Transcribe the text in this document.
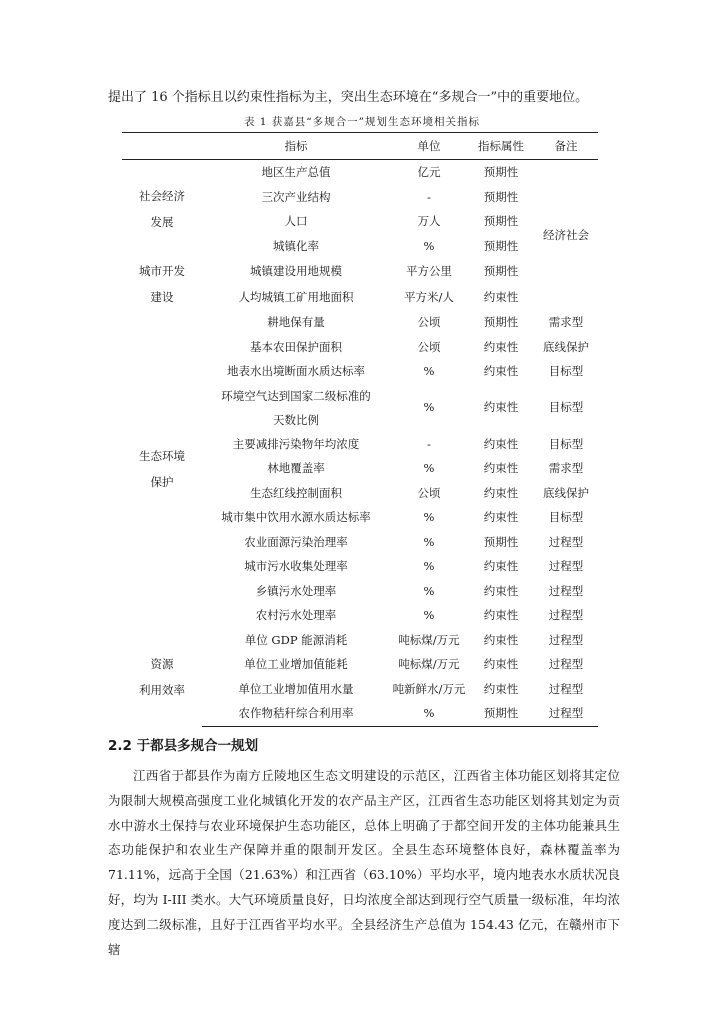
提出了 16 个指标且以约束性指标为主，突出生态环境在“多规合一”中的重要地位。
表 1 获嘉县“多规合一”规划生态环境相关指标
	指标	单位	指标属性	备注

社会经济
发展	地区生产总值	亿元	预期性	经济社会
	三次产业结构	-	预期性	
	人口	万人	预期性	
	城镇化率	%	预期性	

城市开发
建设	城镇建设用地规模	平方公里	预期性	
	人均城镇工矿用地面积	平方米/人	约束性	

生态环境
保护	耕地保有量	公顷	预期性	需求型
	基本农田保护面积	公顷	约束性	底线保护
	地表水出境断面水质达标率	%	约束性	目标型

	环境空气达到国家二级标准的
天数比例	%	约束性	目标型
	主要减排污染物年均浓度	-	约束性	目标型
	林地覆盖率	%	约束性	需求型
	生态红线控制面积	公顷	约束性	底线保护
	城市集中饮用水源水质达标率	%	约束性	目标型
	农业面源污染治理率	%	预期性	过程型
	城市污水收集处理率	%	约束性	过程型
	乡镇污水处理率	%	约束性	过程型
	农村污水处理率	%	约束性	过程型

资源
利用效率	单位 GDP 能源消耗	吨标煤/万元	约束性	过程型
	单位工业增加值能耗	吨标煤/万元	约束性	过程型
	单位工业增加值用水量	吨新鲜水/万元	约束性	过程型
	农作物秸秆综合利用率	%	预期性	过程型
2.2 于都县多规合一规划

江西省于都县作为南方丘陵地区生态文明建设的示范区，江西省主体功能区划将其定位为限制大规模高强度工业化城镇化开发的农产品主产区，江西省生态功能区划将其划定为贡水中游水土保持与农业环境保护生态功能区，总体上明确了于都空间开发的主体功能兼具生态功能保护和农业生产保障并重的限制开发区。全县生态环境整体良好，森林覆盖率为 71.11%，远高于全国（21.63%）和江西省（63.10%）平均水平，境内地表水水质状况良好，均为 I-III 类水。大气环境质量良好，日均浓度全部达到现行空气质量一级标准，年均浓度达到二级标准，且好于江西省平均水平。全县经济生产总值为 154.43 亿元，在赣州市下辖
